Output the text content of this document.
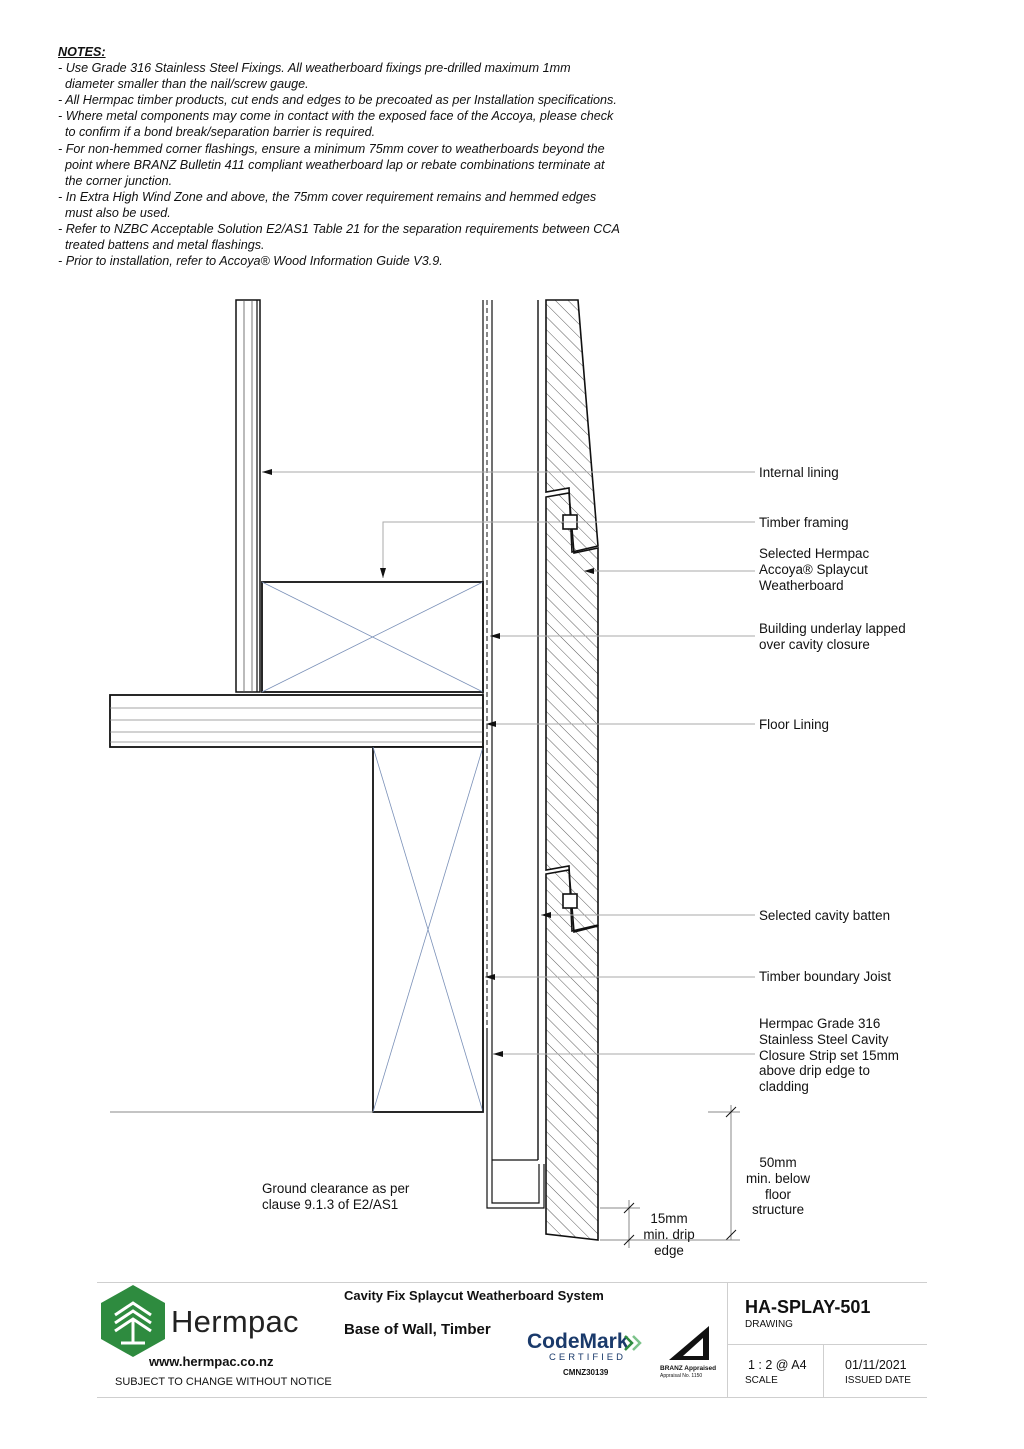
NOTES:
- Use Grade 316 Stainless Steel Fixings. All weatherboard fixings pre-drilled maximum 1mm
diameter smaller than the nail/screw gauge.
- All Hermpac timber products, cut ends and edges to be precoated as per Installation specifications.
- Where metal components may come in contact with the exposed face of the Accoya, please check
to confirm if a bond break/separation barrier is required.
- For non-hemmed corner flashings, ensure a minimum 75mm cover to weatherboards beyond the
point where BRANZ Bulletin 411 compliant weatherboard lap or rebate combinations terminate at
the corner junction.
- In Extra High Wind Zone and above, the 75mm cover requirement remains and hemmed edges
must also be used.
- Refer to NZBC Acceptable Solution E2/AS1 Table 21 for the separation requirements between CCA
treated battens and metal flashings.
- Prior to installation, refer to Accoya® Wood Information Guide V3.9.
Internal lining
Timber framing
Selected Hermpac
Accoya® Splaycut
Weatherboard
Building underlay lapped
over cavity closure
Floor Lining
Selected cavity batten
Timber boundary Joist
Hermpac Grade 316
Stainless Steel Cavity
Closure Strip set 15mm
above drip edge to
cladding
Ground clearance as per
clause 9.1.3 of E2/AS1
50mm
min. below
floor
structure
15mm
min. drip
edge
Hermpac
www.hermpac.co.nz
SUBJECT TO CHANGE WITHOUT NOTICE
Cavity Fix Splaycut Weatherboard System
Base of Wall, Timber
CodeMark
CERTIFIED
CMNZ30139	BRANZ Appraised
Appraisal No. 1150
HA-SPLAY-501
DRAWING
1 : 2 @ A4
SCALE
01/11/2021
ISSUED DATE
